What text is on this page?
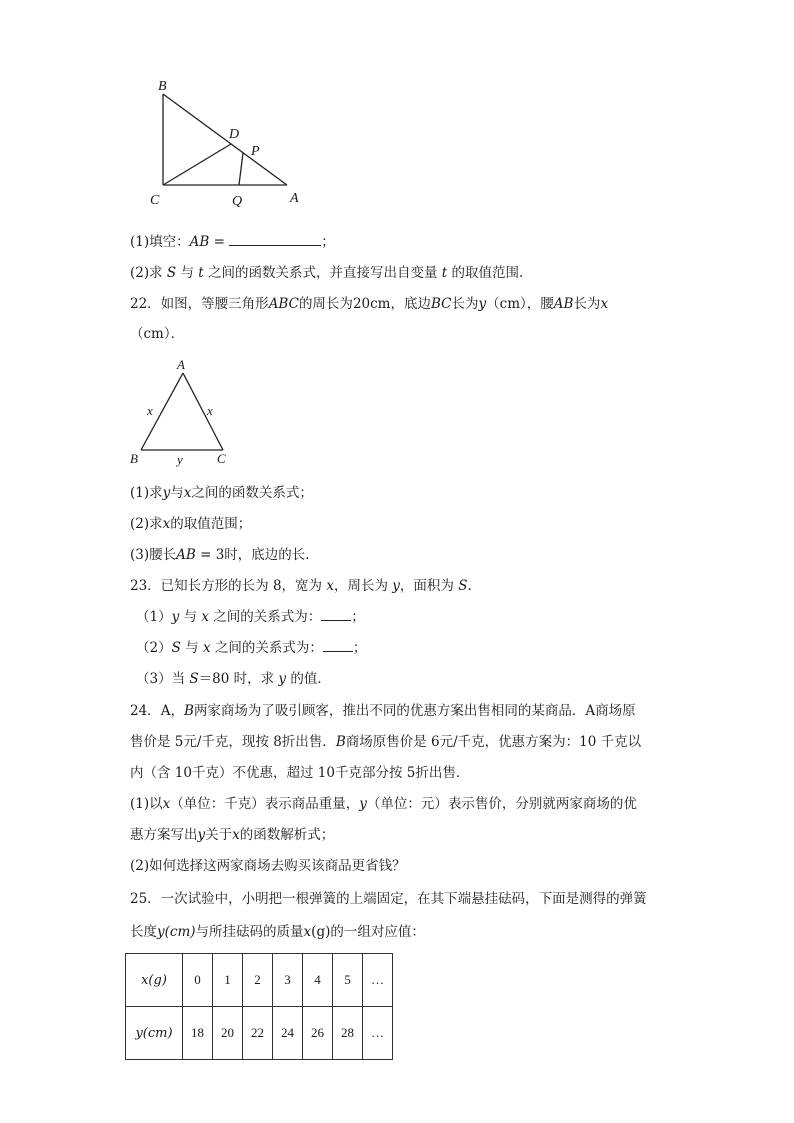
B
D
P
C	Q	A
(1)填空：AB =	；
(2)求 S 与 t 之间的函数关系式，并直接写出自变量 t 的取值范围．
22．如图，等腰三角形ABC的周长为20cm，底边BC长为y（cm），腰AB长为x
（cm）．
A
x	x
B	y	C
(1)求y与x之间的函数关系式；
(2)求x的取值范围；
(3)腰长AB = 3时，底边的长．
23．已知长方形的长为 8，宽为 x，周长为 y，面积为 S．
（1）y 与 x 之间的关系式为： ；
（2）S 与 x 之间的关系式为： ；
（3）当 S＝80 时，求 y 的值．
24．A，B两家商场为了吸引顾客，推出不同的优惠方案出售相同的某商品．A商场原
售价是 5元/千克，现按 8折出售．B商场原售价是 6元/千克，优惠方案为：10 千克以
内（含 10千克）不优惠，超过 10千克部分按 5折出售．
(1)以x（单位：千克）表示商品重量，y（单位：元）表示售价，分别就两家商场的优
惠方案写出y关于x的函数解析式；
(2)如何选择这两家商场去购买该商品更省钱？
25．一次试验中，小明把一根弹簧的上端固定，在其下端悬挂砝码，下面是测得的弹簧
长度y(cm)与所挂砝码的质量x(g)的一组对应值：
x(g)	0	1	2	3	4	5	…
y(cm)	18	20	22	24	26	28	…
